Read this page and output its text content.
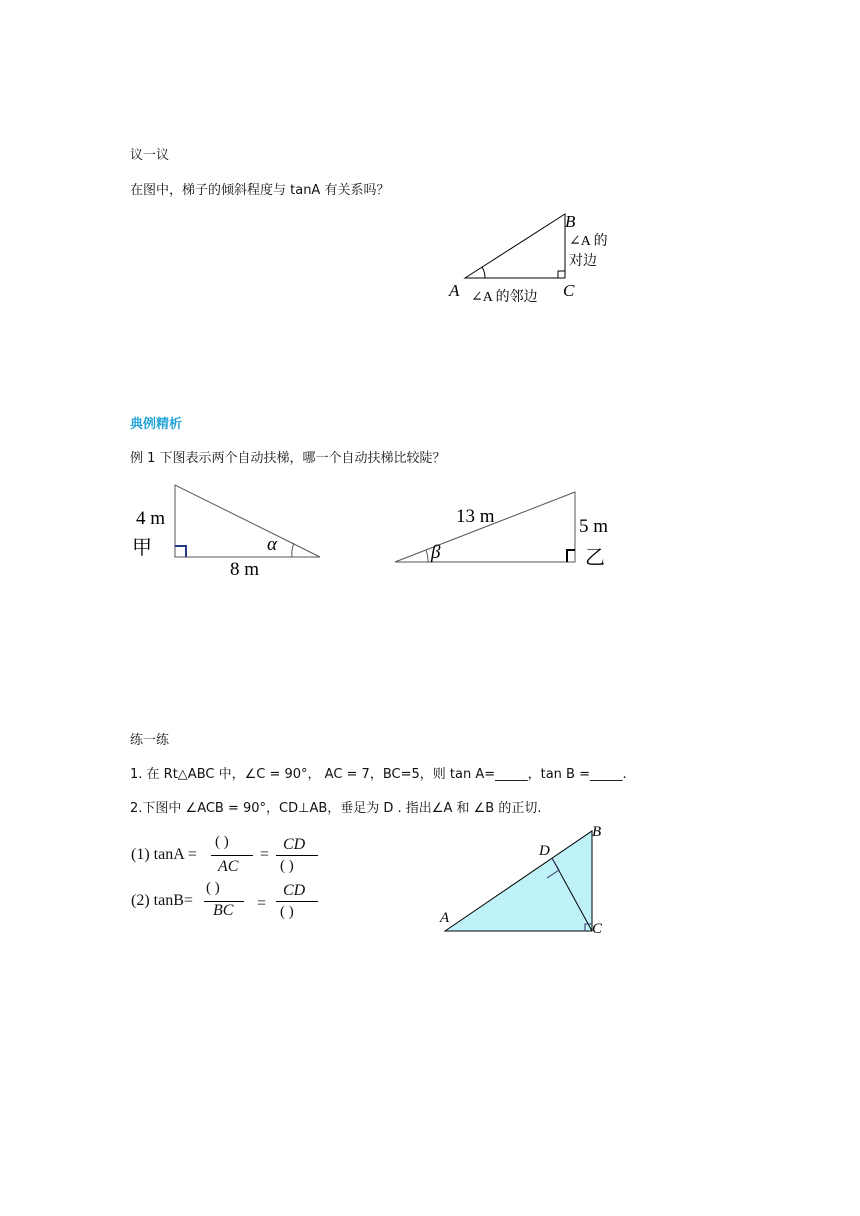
议一议
在图中，梯子的倾斜程度与 tanA 有关系吗？
B
A	C
∠A 的
对边
∠A 的邻边
典例精析
例 1 下图表示两个自动扶梯，哪一个自动扶梯比较陡？
4 m
甲
8 m
α
13 m	5 m
β	乙
练一练
1. 在 Rt△ABC 中，∠C = 90°， AC = 7，BC=5，则 tan A=_____，tan B =_____.
2.下图中 ∠ACB = 90°，CD⊥AB，垂足为 D . 指出∠A 和 ∠B 的正切.
(1) tanA =
( )
AC
=
CD
( )
(2) tanB=
( )
BC =
CD
( )	A
B
C
D
